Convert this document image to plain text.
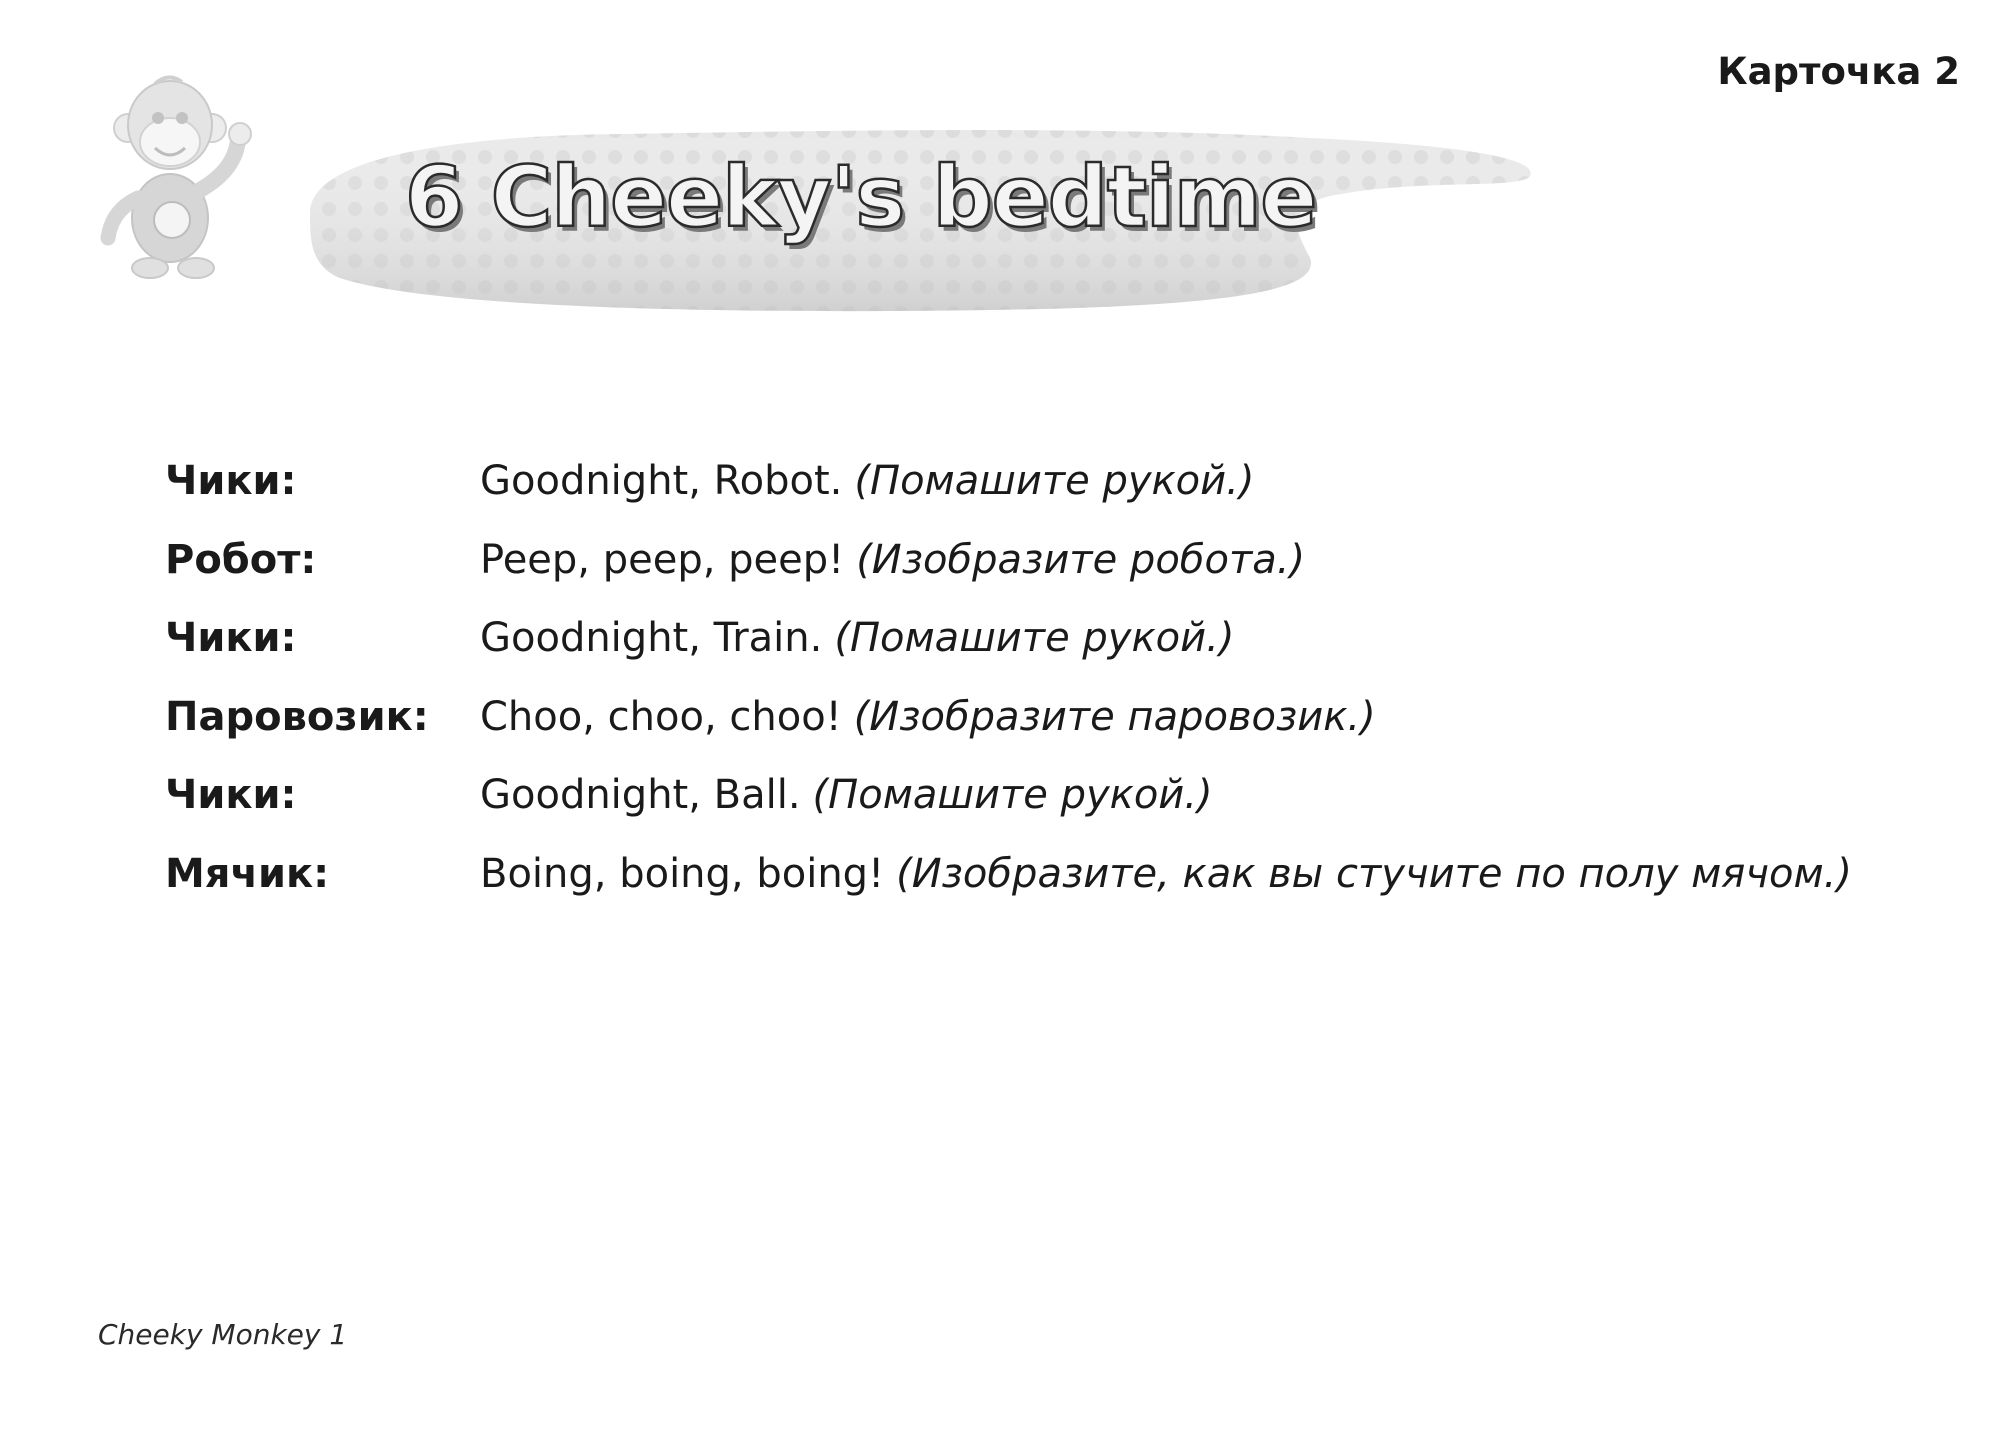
Карточка 2
6 Cheeky's bedtime
Чики:	Goodnight, Robot. (Помашите рукой.)
Робот:	Peep, peep, peep! (Изобразите робота.)
Чики:	Goodnight, Train. (Помашите рукой.)
Паровозик:	Choo, choo, choo! (Изобразите паровозик.)
Чики:	Goodnight, Ball. (Помашите рукой.)
Мячик:	Boing, boing, boing! (Изобразите, как вы стучите по полу мячом.)
Cheeky Monkey 1
